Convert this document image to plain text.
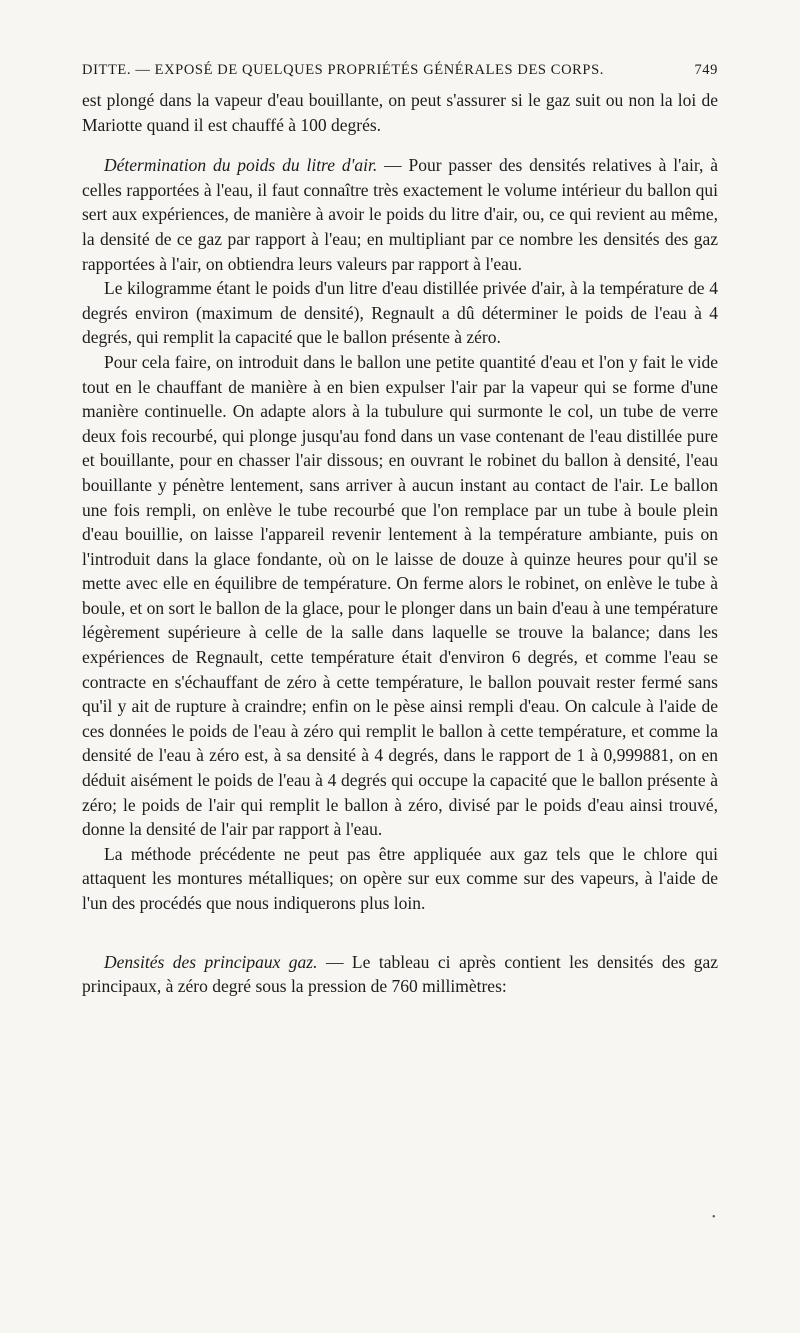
DITTE. — EXPOSÉ DE QUELQUES PROPRIÉTÉS GÉNÉRALES DES CORPS.	749

est plongé dans la vapeur d'eau bouillante, on peut s'assurer si le gaz suit ou non la loi de Mariotte quand il est chauffé à 100 degrés.

Détermination du poids du litre d'air. — Pour passer des densités relatives à l'air, à celles rapportées à l'eau, il faut connaître très exactement le volume intérieur du ballon qui sert aux expériences, de manière à avoir le poids du litre d'air, ou, ce qui revient au même, la densité de ce gaz par rapport à l'eau; en multipliant par ce nombre les densités des gaz rapportées à l'air, on obtiendra leurs valeurs par rapport à l'eau.

Le kilogramme étant le poids d'un litre d'eau distillée privée d'air, à la température de 4 degrés environ (maximum de densité), Regnault a dû déterminer le poids de l'eau à 4 degrés, qui remplit la capacité que le ballon présente à zéro.

Pour cela faire, on introduit dans le ballon une petite quantité d'eau et l'on y fait le vide tout en le chauffant de manière à en bien expulser l'air par la vapeur qui se forme d'une manière continuelle. On adapte alors à la tubulure qui surmonte le col, un tube de verre deux fois recourbé, qui plonge jusqu'au fond dans un vase contenant de l'eau distillée pure et bouillante, pour en chasser l'air dissous; en ouvrant le robinet du ballon à densité, l'eau bouillante y pénètre lentement, sans arriver à aucun instant au contact de l'air. Le ballon une fois rempli, on enlève le tube recourbé que l'on remplace par un tube à boule plein d'eau bouillie, on laisse l'appareil revenir lentement à la température ambiante, puis on l'introduit dans la glace fondante, où on le laisse de douze à quinze heures pour qu'il se mette avec elle en équilibre de température. On ferme alors le robinet, on enlève le tube à boule, et on sort le ballon de la glace, pour le plonger dans un bain d'eau à une température légèrement supérieure à celle de la salle dans laquelle se trouve la balance; dans les expériences de Regnault, cette température était d'environ 6 degrés, et comme l'eau se contracte en s'échauffant de zéro à cette température, le ballon pouvait rester fermé sans qu'il y ait de rupture à craindre; enfin on le pèse ainsi rempli d'eau. On calcule à l'aide de ces données le poids de l'eau à zéro qui remplit le ballon à cette température, et comme la densité de l'eau à zéro est, à sa densité à 4 degrés, dans le rapport de 1 à 0,999881, on en déduit aisément le poids de l'eau à 4 degrés qui occupe la capacité que le ballon présente à zéro; le poids de l'air qui remplit le ballon à zéro, divisé par le poids d'eau ainsi trouvé, donne la densité de l'air par rapport à l'eau.

La méthode précédente ne peut pas être appliquée aux gaz tels que le chlore qui attaquent les montures métalliques; on opère sur eux comme sur des vapeurs, à l'aide de l'un des procédés que nous indiquerons plus loin.

Densités des principaux gaz. — Le tableau ci après contient les densités des gaz principaux, à zéro degré sous la pression de 760 millimètres:

•
